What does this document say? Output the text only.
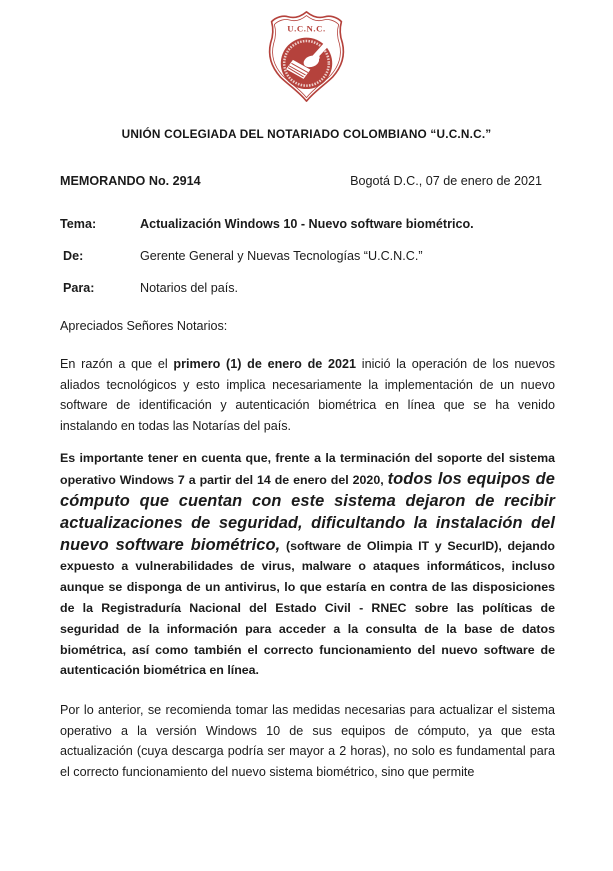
U.C.N.C.
UNIÓN COLEGIADA DEL NOTARIADO COLOMBIANO “U.C.N.C.”
MEMORANDO No. 2914	Bogotá D.C., 07 de enero de 2021
Tema:	Actualización Windows 10 - Nuevo software biométrico.
De:	Gerente General y Nuevas Tecnologías “U.C.N.C.”
Para:	Notarios del país.
Apreciados Señores Notarios:

En razón a que el primero (1) de enero de 2021 inició la operación de los nuevos aliados tecnológicos y esto implica necesariamente la implementación de un nuevo software de identificación y autenticación biométrica en línea que se ha venido instalando en todas las Notarías del país.

Es importante tener en cuenta que, frente a la terminación del soporte del sistema operativo Windows 7 a partir del 14 de enero del 2020, todos los equipos de cómputo que cuentan con este sistema dejaron de recibir actualizaciones de seguridad, dificultando la instalación del nuevo software biométrico, (software de Olimpia IT y SecurID), dejando expuesto a vulnerabilidades de virus, malware o ataques informáticos, incluso aunque se disponga de un antivirus, lo que estaría en contra de las disposiciones de la Registraduría Nacional del Estado Civil - RNEC sobre las políticas de seguridad de la información para acceder a la consulta de la base de datos biométrica, así como también el correcto funcionamiento del nuevo software de autenticación biométrica en línea.

Por lo anterior, se recomienda tomar las medidas necesarias para actualizar el sistema operativo a la versión Windows 10 de sus equipos de cómputo, ya que esta actualización (cuya descarga podría ser mayor a 2 horas), no solo es fundamental para el correcto funcionamiento del nuevo sistema biométrico, sino que permite
